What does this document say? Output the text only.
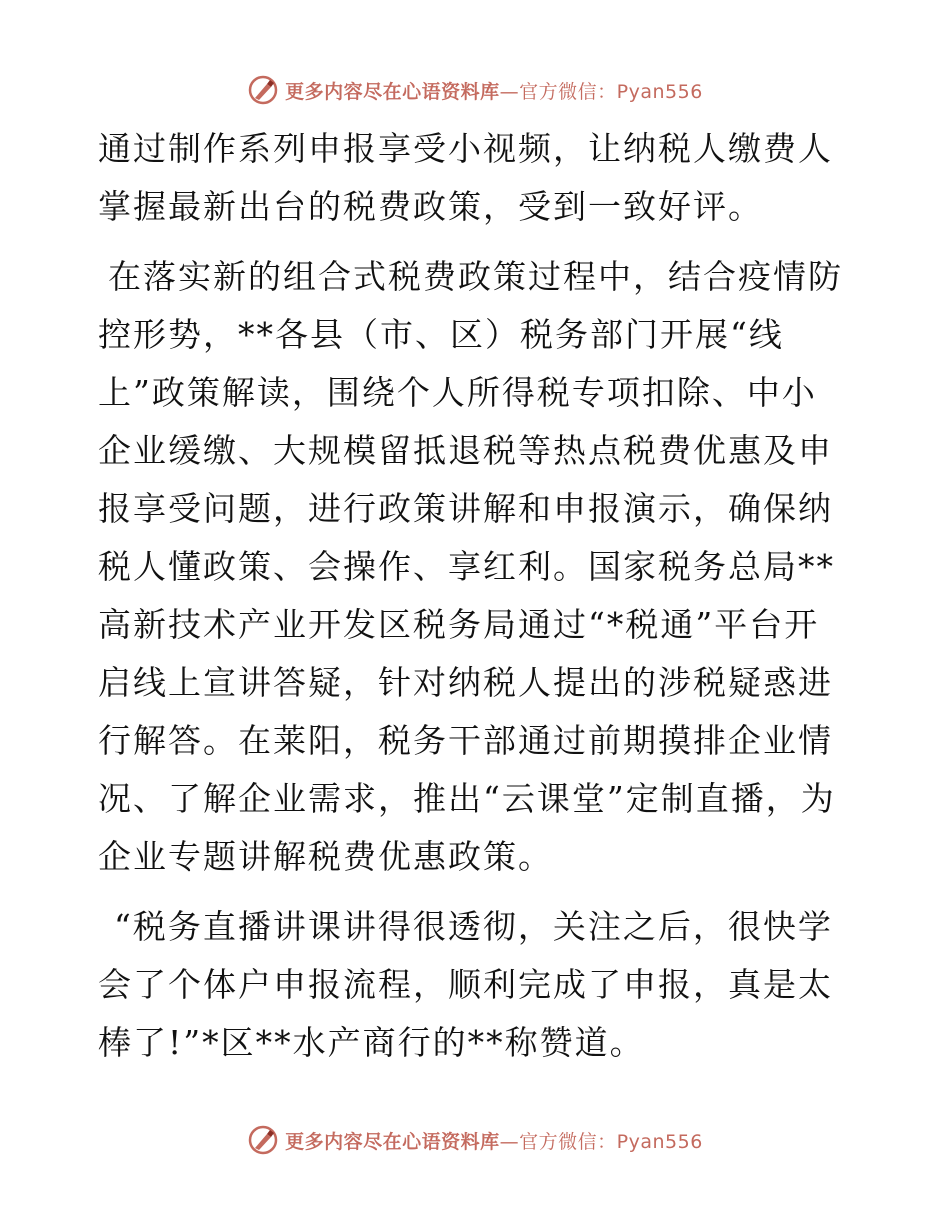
更多内容尽在心语资料库—官方微信：Pyan556

通过制作系列申报享受小视频，让纳税人缴费人掌握最新出台的税费政策，受到一致好评。

在落实新的组合式税费政策过程中，结合疫情防控形势，**各县（市、区）税务部门开展“线上”政策解读，围绕个人所得税专项扣除、中小企业缓缴、大规模留抵退税等热点税费优惠及申报享受问题，进行政策讲解和申报演示，确保纳税人懂政策、会操作、享红利。国家税务总局**高新技术产业开发区税务局通过“*税通”平台开启线上宣讲答疑，针对纳税人提出的涉税疑惑进行解答。在莱阳，税务干部通过前期摸排企业情况、了解企业需求，推出“云课堂”定制直播，为企业专题讲解税费优惠政策。

“税务直播讲课讲得很透彻，关注之后，很快学会了个体户申报流程，顺利完成了申报，真是太棒了!”*区**水产商行的**称赞道。

更多内容尽在心语资料库—官方微信：Pyan556
